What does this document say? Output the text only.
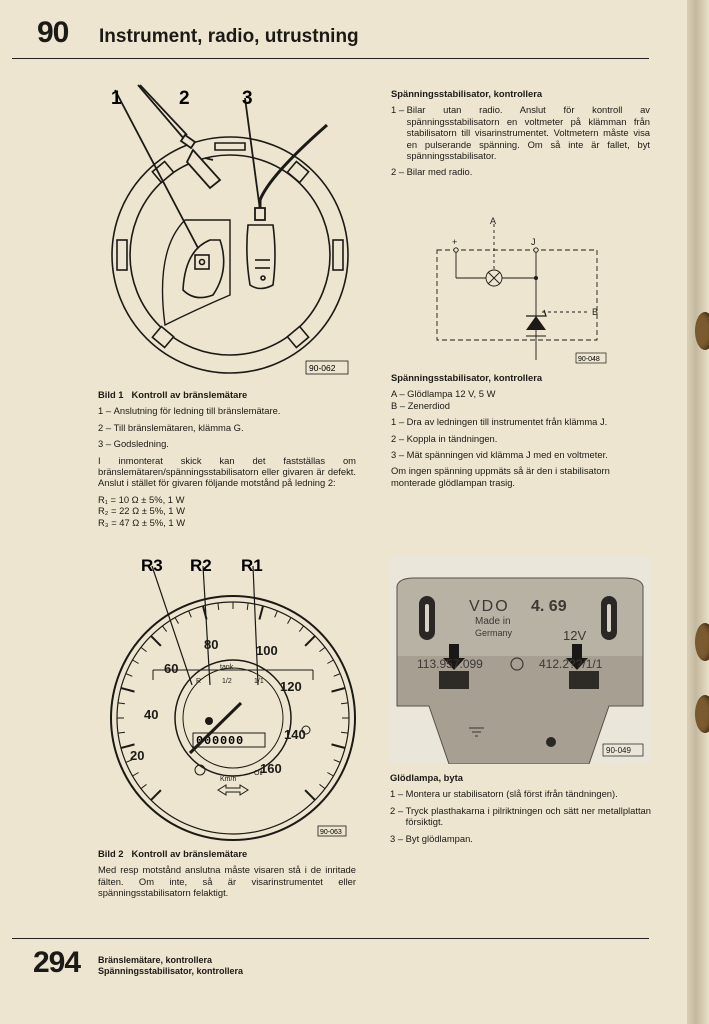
90 Instrument, radio, utrustning
1	2	3
90-062

Bild 1 Kontroll av bränslemätare

1 –
Anslutning för ledning till bränslemätare.
2 –
Till bränslemätaren, klämma G.
3 –
Godsledning.

I inmonterat skick kan det fastställas om bränslemätaren/spänningsstabilisatorn eller givaren är defekt. Anslut i stället för givaren följande motstånd på ledning 2:

R₁ = 10 Ω ± 5%, 1 W
R₂ = 22 Ω ± 5%, 1 W
R₃ = 47 Ω ± 5%, 1 W
R3 R2 R1
20
40
60
80	100
120
140
160
tank
R	1/2	1/1
Km/h
Oil
000000
90-063

Bild 2 Kontroll av bränslemätare

Med resp motstånd anslutna måste visaren stå i de inritade fälten. Om inte, så är visarinstrumentet eller spänningsstabilisatorn felaktigt.

Spänningsstabilisator, kontrollera

1 –
Bilar utan radio. Anslut för kontroll av spänningsstabilisatorn en voltmeter på klämman från stabilisatorn till visarinstrumentet. Voltmetern måste visa en pulserande spänning. Om så inte är fallet, byt spänningsstabilisator.
2 –
Bilar med radio.
A
J
B
+
90-048

Spänningsstabilisator, kontrollera

A –
Glödlampa 12 V, 5 W
B –
Zenerdiod
1 –
Dra av ledningen till instrumentet från klämma J.
2 –
Koppla in tändningen.
3 –
Mät spänningen vid klämma J med en voltmeter.

Om ingen spänning uppmäts så är den i stabilisatorn monterade glödlampan trasig.

VDO 4. 69
Made in
Germany	12V
113.957.099	412.2??/1/1
90-049

Glödlampa, byta

1 –
Montera ur stabilisatorn (slå först ifrån tändningen).
2 –
Tryck plasthakarna i pilriktningen och sätt ner metallplattan försiktigt.
3 –
Byt glödlampan.
294 Bränslemätare, kontrollera
Spänningsstabilisator, kontrollera
